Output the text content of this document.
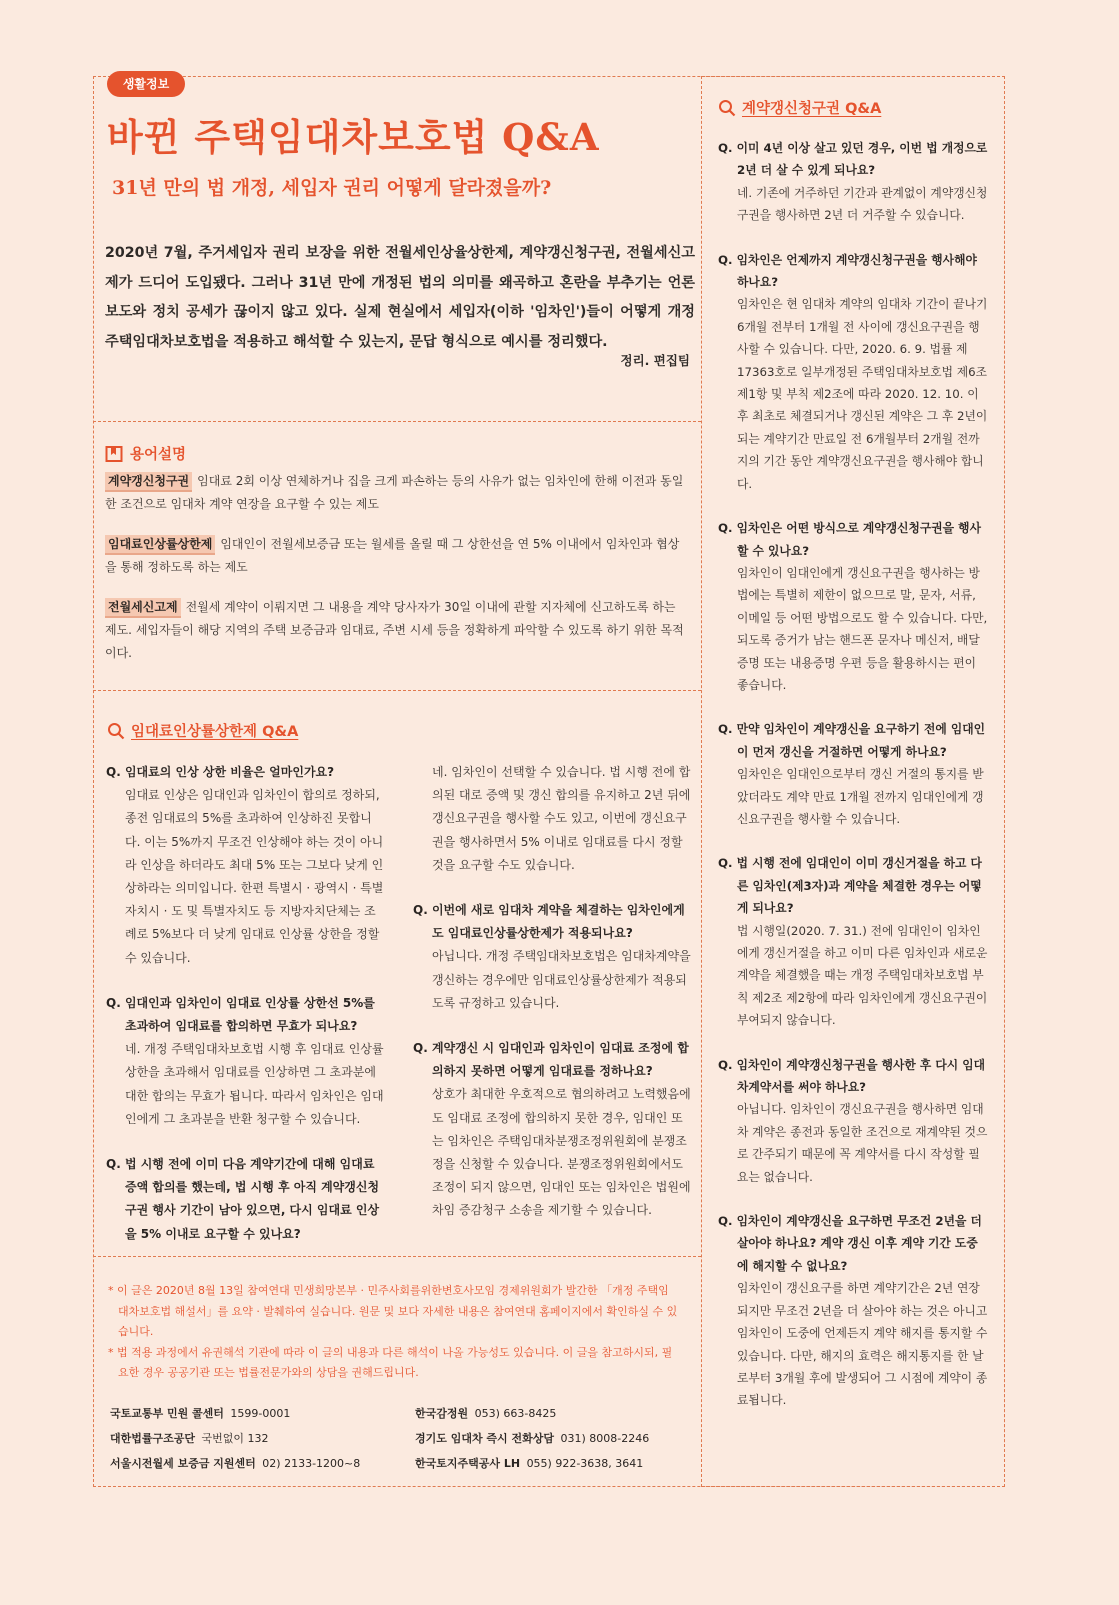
생활정보
바뀐 주택임대차보호법 Q&A
31년 만의 법 개정, 세입자 권리 어떻게 달라졌을까?
2020년 7월, 주거세입자 권리 보장을 위한 전월세인상율상한제, 계약갱신청구권, 전월세신고제가 드디어 도입됐다. 그러나 31년 만에 개정된 법의 의미를 왜곡하고 혼란을 부추기는 언론보도와 정치 공세가 끊이지 않고 있다. 실제 현실에서 세입자(이하 '임차인')들이 어떻게 개정 주택임대차보호법을 적용하고 해석할 수 있는지, 문답 형식으로 예시를 정리했다.
정리. 편집팀
용어설명
계약갱신청구권 임대료 2회 이상 연체하거나 집을 크게 파손하는 등의 사유가 없는 임차인에 한해 이전과 동일한 조건으로 임대차 계약 연장을 요구할 수 있는 제도
임대료인상률상한제 임대인이 전월세보증금 또는 월세를 올릴 때 그 상한선을 연 5% 이내에서 임차인과 협상을 통해 정하도록 하는 제도
전월세신고제 전월세 계약이 이뤄지면 그 내용을 계약 당사자가 30일 이내에 관할 지자체에 신고하도록 하는 제도. 세입자들이 해당 지역의 주택 보증금과 임대료, 주변 시세 등을 정확하게 파악할 수 있도록 하기 위한 목적이다.
임대료인상률상한제 Q&A
Q. 임대료의 인상 상한 비율은 얼마인가요?
임대료 인상은 임대인과 임차인이 합의로 정하되, 종전 임대료의 5%를 초과하여 인상하진 못합니다. 이는 5%까지 무조건 인상해야 하는 것이 아니라 인상을 하더라도 최대 5% 또는 그보다 낮게 인상하라는 의미입니다. 한편 특별시 · 광역시 · 특별자치시 · 도 및 특별자치도 등 지방자치단체는 조례로 5%보다 더 낮게 임대료 인상률 상한을 정할 수 있습니다.
Q. 임대인과 임차인이 임대료 인상률 상한선 5%를 초과하여 임대료를 합의하면 무효가 되나요?
네. 개정 주택임대차보호법 시행 후 임대료 인상률 상한을 초과해서 임대료를 인상하면 그 초과분에 대한 합의는 무효가 됩니다. 따라서 임차인은 임대인에게 그 초과분을 반환 청구할 수 있습니다.
Q. 법 시행 전에 이미 다음 계약기간에 대해 임대료 증액 합의를 했는데, 법 시행 후 아직 계약갱신청구권 행사 기간이 남아 있으면, 다시 임대료 인상을 5% 이내로 요구할 수 있나요?
네. 임차인이 선택할 수 있습니다. 법 시행 전에 합의된 대로 증액 및 갱신 합의를 유지하고 2년 뒤에 갱신요구권을 행사할 수도 있고, 이번에 갱신요구권을 행사하면서 5% 이내로 임대료를 다시 정할 것을 요구할 수도 있습니다.
Q. 이번에 새로 임대차 계약을 체결하는 임차인에게도 임대료인상률상한제가 적용되나요?
아닙니다. 개정 주택임대차보호법은 임대차계약을 갱신하는 경우에만 임대료인상률상한제가 적용되도록 규정하고 있습니다.
Q. 계약갱신 시 임대인과 임차인이 임대료 조정에 합의하지 못하면 어떻게 임대료를 정하나요?
상호가 최대한 우호적으로 협의하려고 노력했음에도 임대료 조정에 합의하지 못한 경우, 임대인 또는 임차인은 주택임대차분쟁조정위원회에 분쟁조정을 신청할 수 있습니다. 분쟁조정위원회에서도 조정이 되지 않으면, 임대인 또는 임차인은 법원에 차임 증감청구 소송을 제기할 수 있습니다.
계약갱신청구권 Q&A
Q. 이미 4년 이상 살고 있던 경우, 이번 법 개정으로 2년 더 살 수 있게 되나요?
네. 기존에 거주하던 기간과 관계없이 계약갱신청구권을 행사하면 2년 더 거주할 수 있습니다.
Q. 임차인은 언제까지 계약갱신청구권을 행사해야 하나요?
임차인은 현 임대차 계약의 임대차 기간이 끝나기 6개월 전부터 1개월 전 사이에 갱신요구권을 행사할 수 있습니다. 다만, 2020. 6. 9. 법률 제17363호로 일부개정된 주택임대차보호법 제6조 제1항 및 부칙 제2조에 따라 2020. 12. 10. 이후 최초로 체결되거나 갱신된 계약은 그 후 2년이 되는 계약기간 만료일 전 6개월부터 2개월 전까지의 기간 동안 계약갱신요구권을 행사해야 합니다.
Q. 임차인은 어떤 방식으로 계약갱신청구권을 행사할 수 있나요?
임차인이 임대인에게 갱신요구권을 행사하는 방법에는 특별히 제한이 없으므로 말, 문자, 서류, 이메일 등 어떤 방법으로도 할 수 있습니다. 다만, 되도록 증거가 남는 핸드폰 문자나 메신저, 배달증명 또는 내용증명 우편 등을 활용하시는 편이 좋습니다.
Q. 만약 임차인이 계약갱신을 요구하기 전에 임대인이 먼저 갱신을 거절하면 어떻게 하나요?
임차인은 임대인으로부터 갱신 거절의 통지를 받았더라도 계약 만료 1개월 전까지 임대인에게 갱신요구권을 행사할 수 있습니다.
Q. 법 시행 전에 임대인이 이미 갱신거절을 하고 다른 임차인(제3자)과 계약을 체결한 경우는 어떻게 되나요?
법 시행일(2020. 7. 31.) 전에 임대인이 임차인에게 갱신거절을 하고 이미 다른 임차인과 새로운 계약을 체결했을 때는 개정 주택임대차보호법 부칙 제2조 제2항에 따라 임차인에게 갱신요구권이 부여되지 않습니다.
Q. 임차인이 계약갱신청구권을 행사한 후 다시 임대차계약서를 써야 하나요?
아닙니다. 임차인이 갱신요구권을 행사하면 임대차 계약은 종전과 동일한 조건으로 재계약된 것으로 간주되기 때문에 꼭 계약서를 다시 작성할 필요는 없습니다.
Q. 임차인이 계약갱신을 요구하면 무조건 2년을 더 살아야 하나요? 계약 갱신 이후 계약 기간 도중에 해지할 수 없나요?
임차인이 갱신요구를 하면 계약기간은 2년 연장되지만 무조건 2년을 더 살아야 하는 것은 아니고 임차인이 도중에 언제든지 계약 해지를 통지할 수 있습니다. 다만, 해지의 효력은 해지통지를 한 날로부터 3개월 후에 발생되어 그 시점에 계약이 종료됩니다.
* 이 글은 2020년 8월 13일 참여연대 민생희망본부 · 민주사회를위한변호사모임 경제위원회가 발간한 「개정 주택임대차보호법 해설서」를 요약 · 발췌하여 실습니다. 원문 및 보다 자세한 내용은 참여연대 홈페이지에서 확인하실 수 있습니다.
* 법 적용 과정에서 유권해석 기관에 따라 이 글의 내용과 다른 해석이 나올 가능성도 있습니다. 이 글을 참고하시되, 필요한 경우 공공기관 또는 법률전문가와의 상담을 권해드립니다.
국토교통부 민원 콜센터 1599-0001
대한법률구조공단 국번없이 132
서울시전월세 보증금 지원센터 02) 2133-1200~8
한국감정원 053) 663-8425
경기도 임대차 즉시 전화상담 031) 8008-2246
한국토지주택공사 LH 055) 922-3638, 3641
